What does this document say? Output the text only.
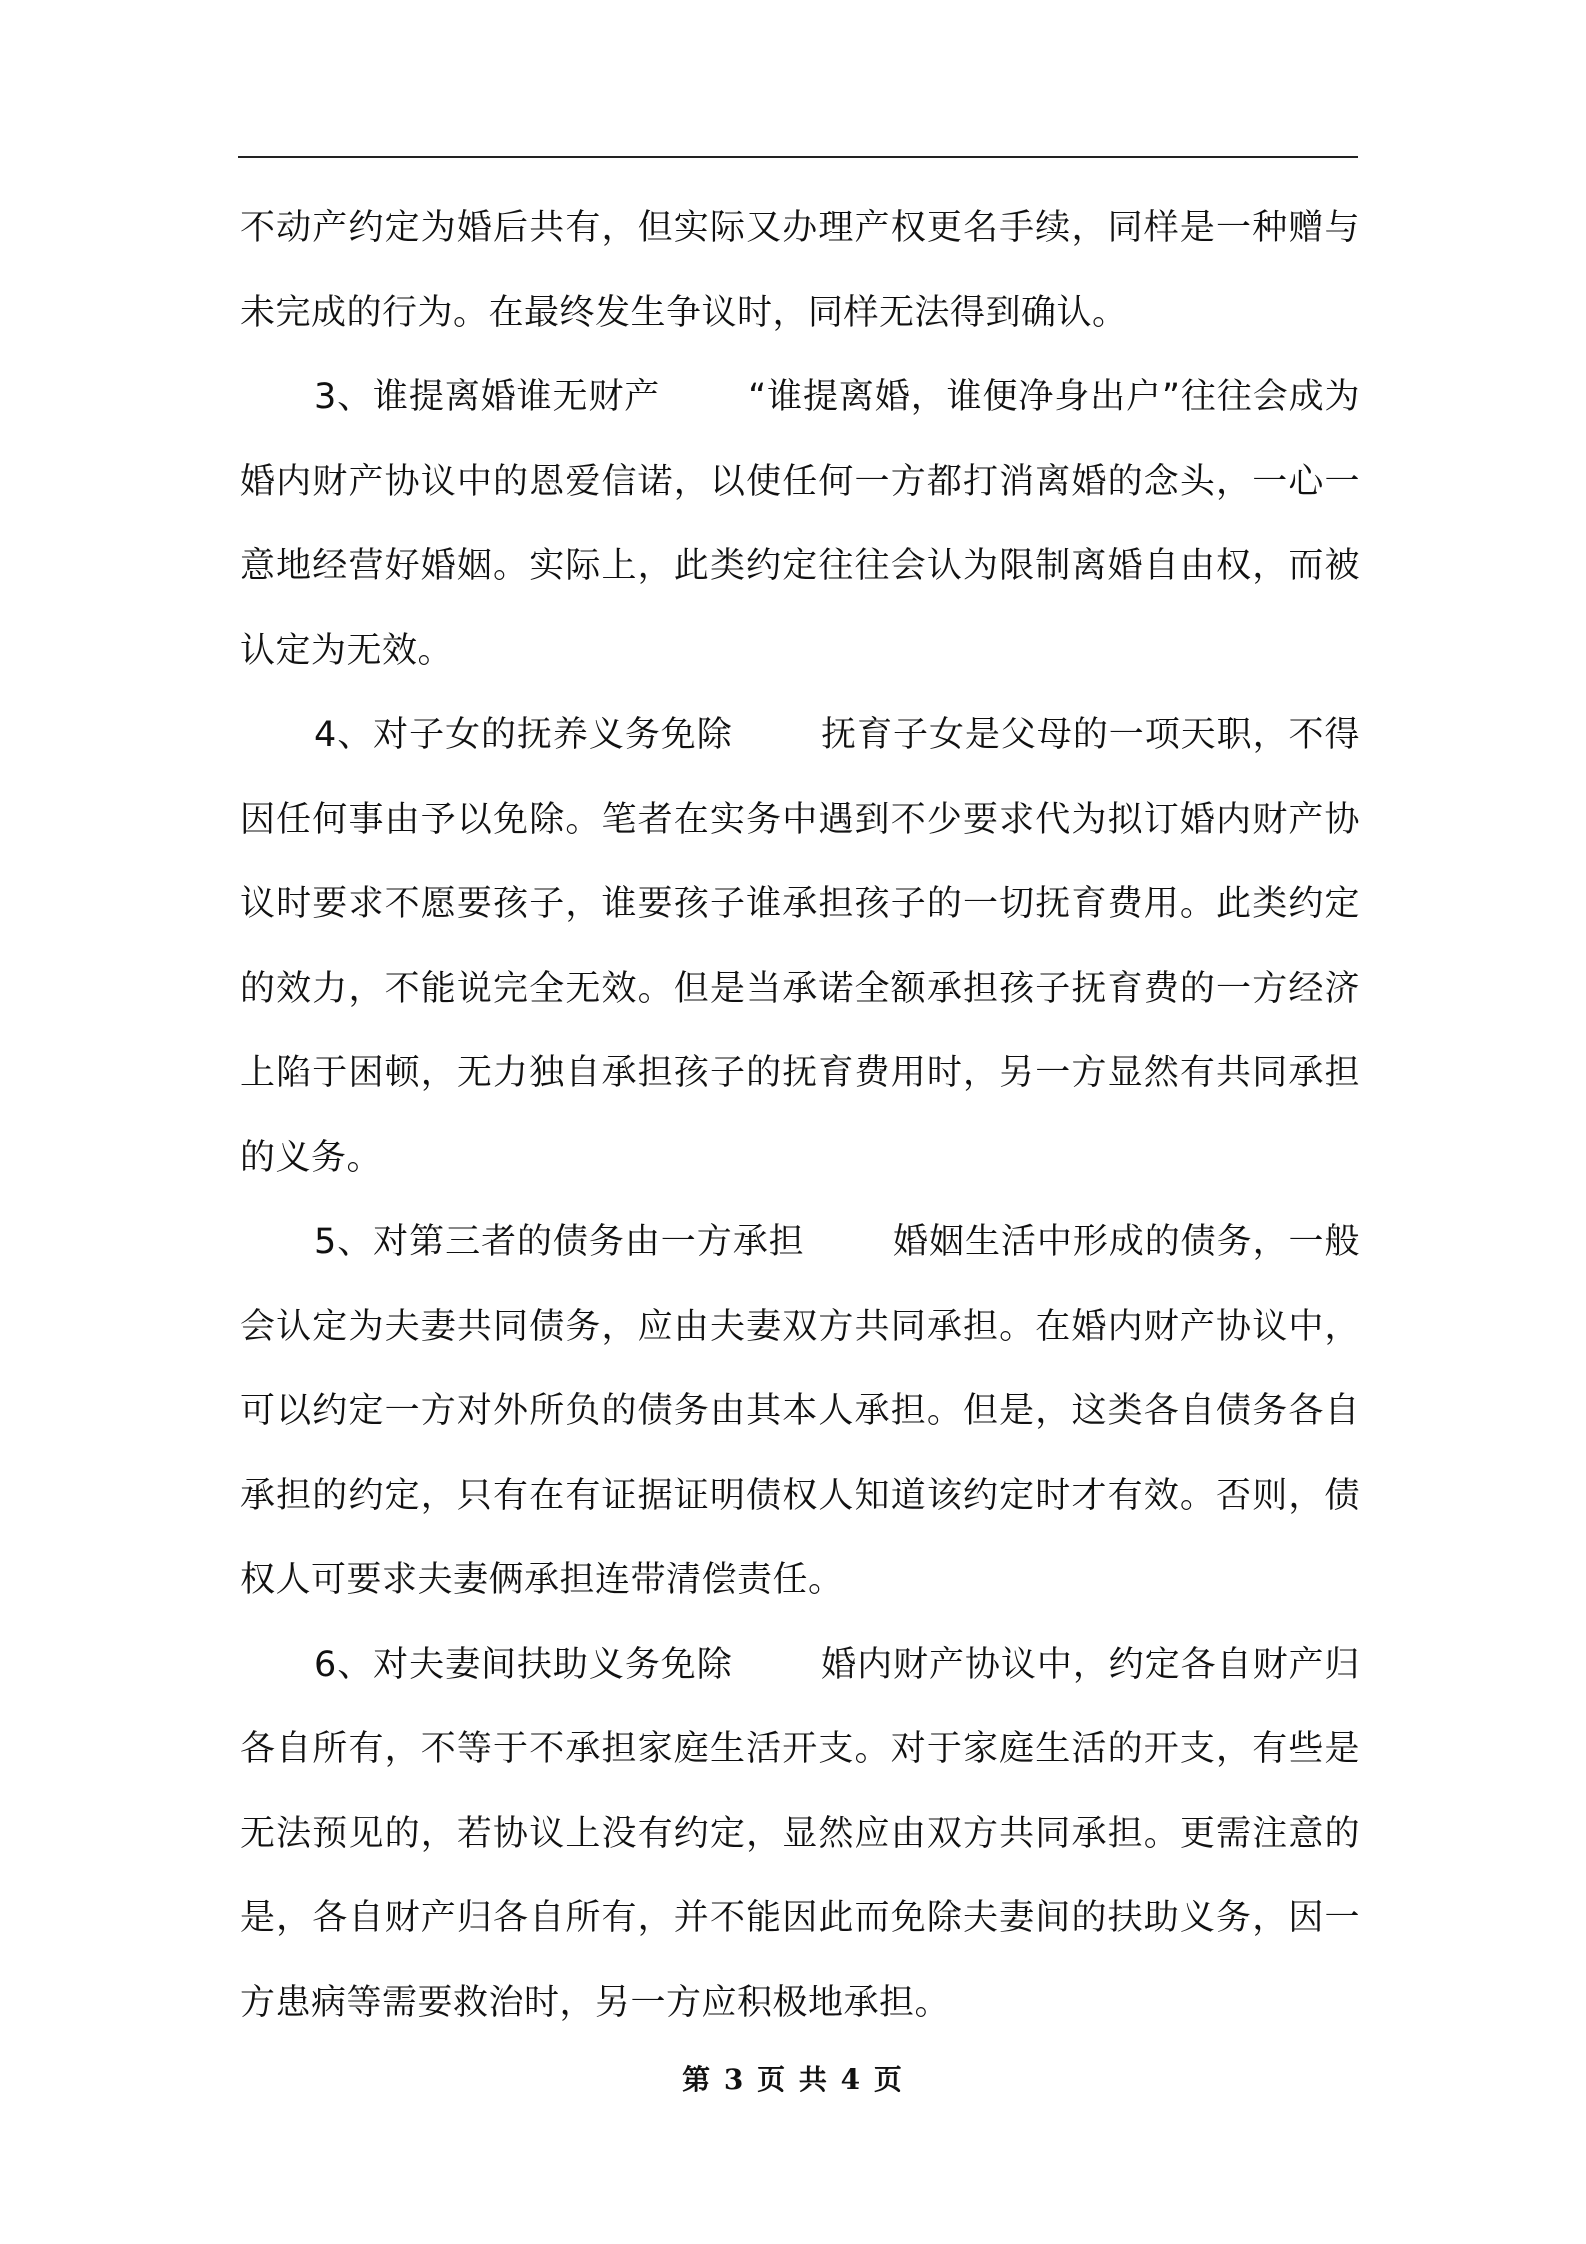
不动产约定为婚后共有，但实际又办理产权更名手续，同样是一种赠与未完成的行为。在最终发生争议时，同样无法得到确认。

3、谁提离婚谁无财产	“谁提离婚，谁便净身出户”往往会成为婚内财产协议中的恩爱信诺，以使任何一方都打消离婚的念头，一心一意地经营好婚姻。实际上，此类约定往往会认为限制离婚自由权，而被认定为无效。

4、对子女的抚养义务免除	抚育子女是父母的一项天职，不得因任何事由予以免除。笔者在实务中遇到不少要求代为拟订婚内财产协议时要求不愿要孩子，谁要孩子谁承担孩子的一切抚育费用。此类约定的效力，不能说完全无效。但是当承诺全额承担孩子抚育费的一方经济上陷于困顿，无力独自承担孩子的抚育费用时，另一方显然有共同承担的义务。

5、对第三者的债务由一方承担	婚姻生活中形成的债务，一般会认定为夫妻共同债务，应由夫妻双方共同承担。在婚内财产协议中，可以约定一方对外所负的债务由其本人承担。但是，这类各自债务各自承担的约定，只有在有证据证明债权人知道该约定时才有效。否则，债权人可要求夫妻俩承担连带清偿责任。

6、对夫妻间扶助义务免除	婚内财产协议中，约定各自财产归各自所有，不等于不承担家庭生活开支。对于家庭生活的开支，有些是无法预见的，若协议上没有约定，显然应由双方共同承担。更需注意的是，各自财产归各自所有，并不能因此而免除夫妻间的扶助义务，因一方患病等需要救治时，另一方应积极地承担。

第 3 页 共 4 页
